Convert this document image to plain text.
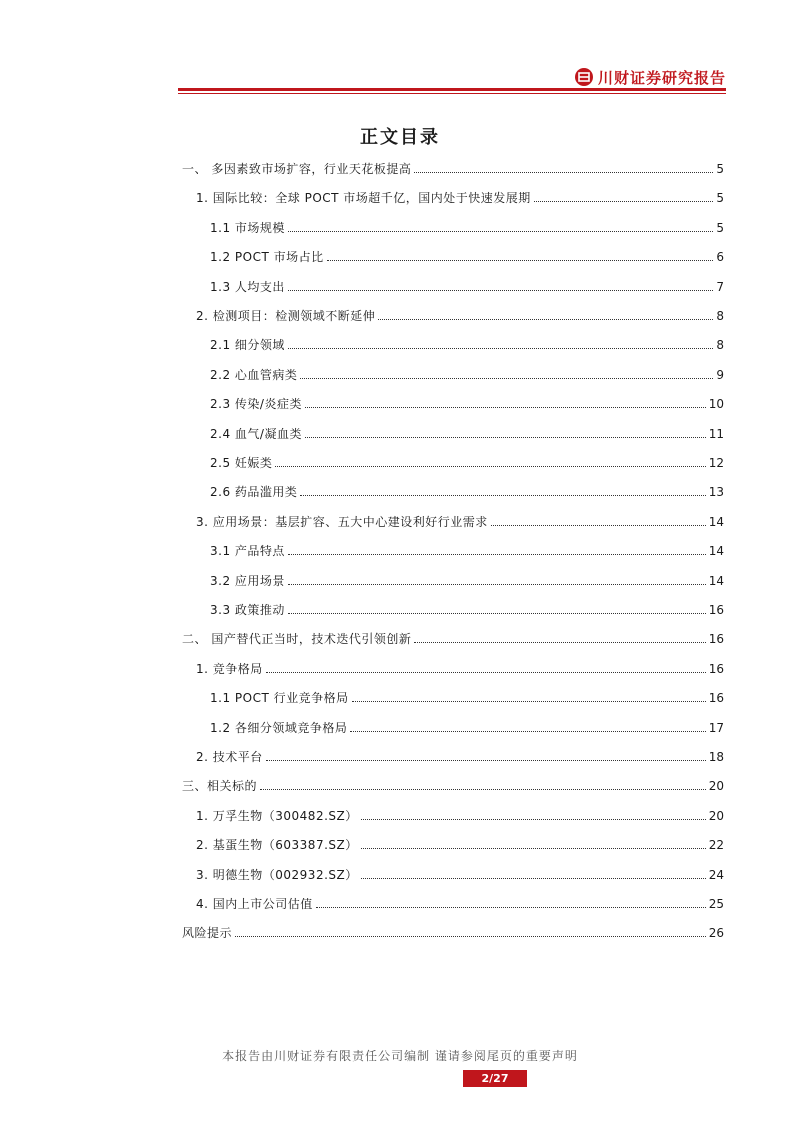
川财证券研究报告
正文目录
一、 多因素致市场扩容，行业天花板提高	5
1. 国际比较：全球 POCT 市场超千亿，国内处于快速发展期	5
1.1 市场规模	5
1.2 POCT 市场占比	6
1.3 人均支出	7
2. 检测项目：检测领域不断延伸	8
2.1 细分领域	8
2.2 心血管病类	9
2.3 传染/炎症类	10
2.4 血气/凝血类	11
2.5 妊娠类	12
2.6 药品滥用类	13
3. 应用场景：基层扩容、五大中心建设利好行业需求	14
3.1 产品特点	14
3.2 应用场景	14
3.3 政策推动	16
二、 国产替代正当时，技术迭代引领创新	16
1. 竞争格局	16
1.1 POCT 行业竞争格局	16
1.2 各细分领域竞争格局	17
2. 技术平台	18
三、相关标的	20
1. 万孚生物（300482.SZ）	20
2. 基蛋生物（603387.SZ）	22
3. 明德生物（002932.SZ）	24
4. 国内上市公司估值	25
风险提示	26
本报告由川财证券有限责任公司编制 谨请参阅尾页的重要声明
2/27
